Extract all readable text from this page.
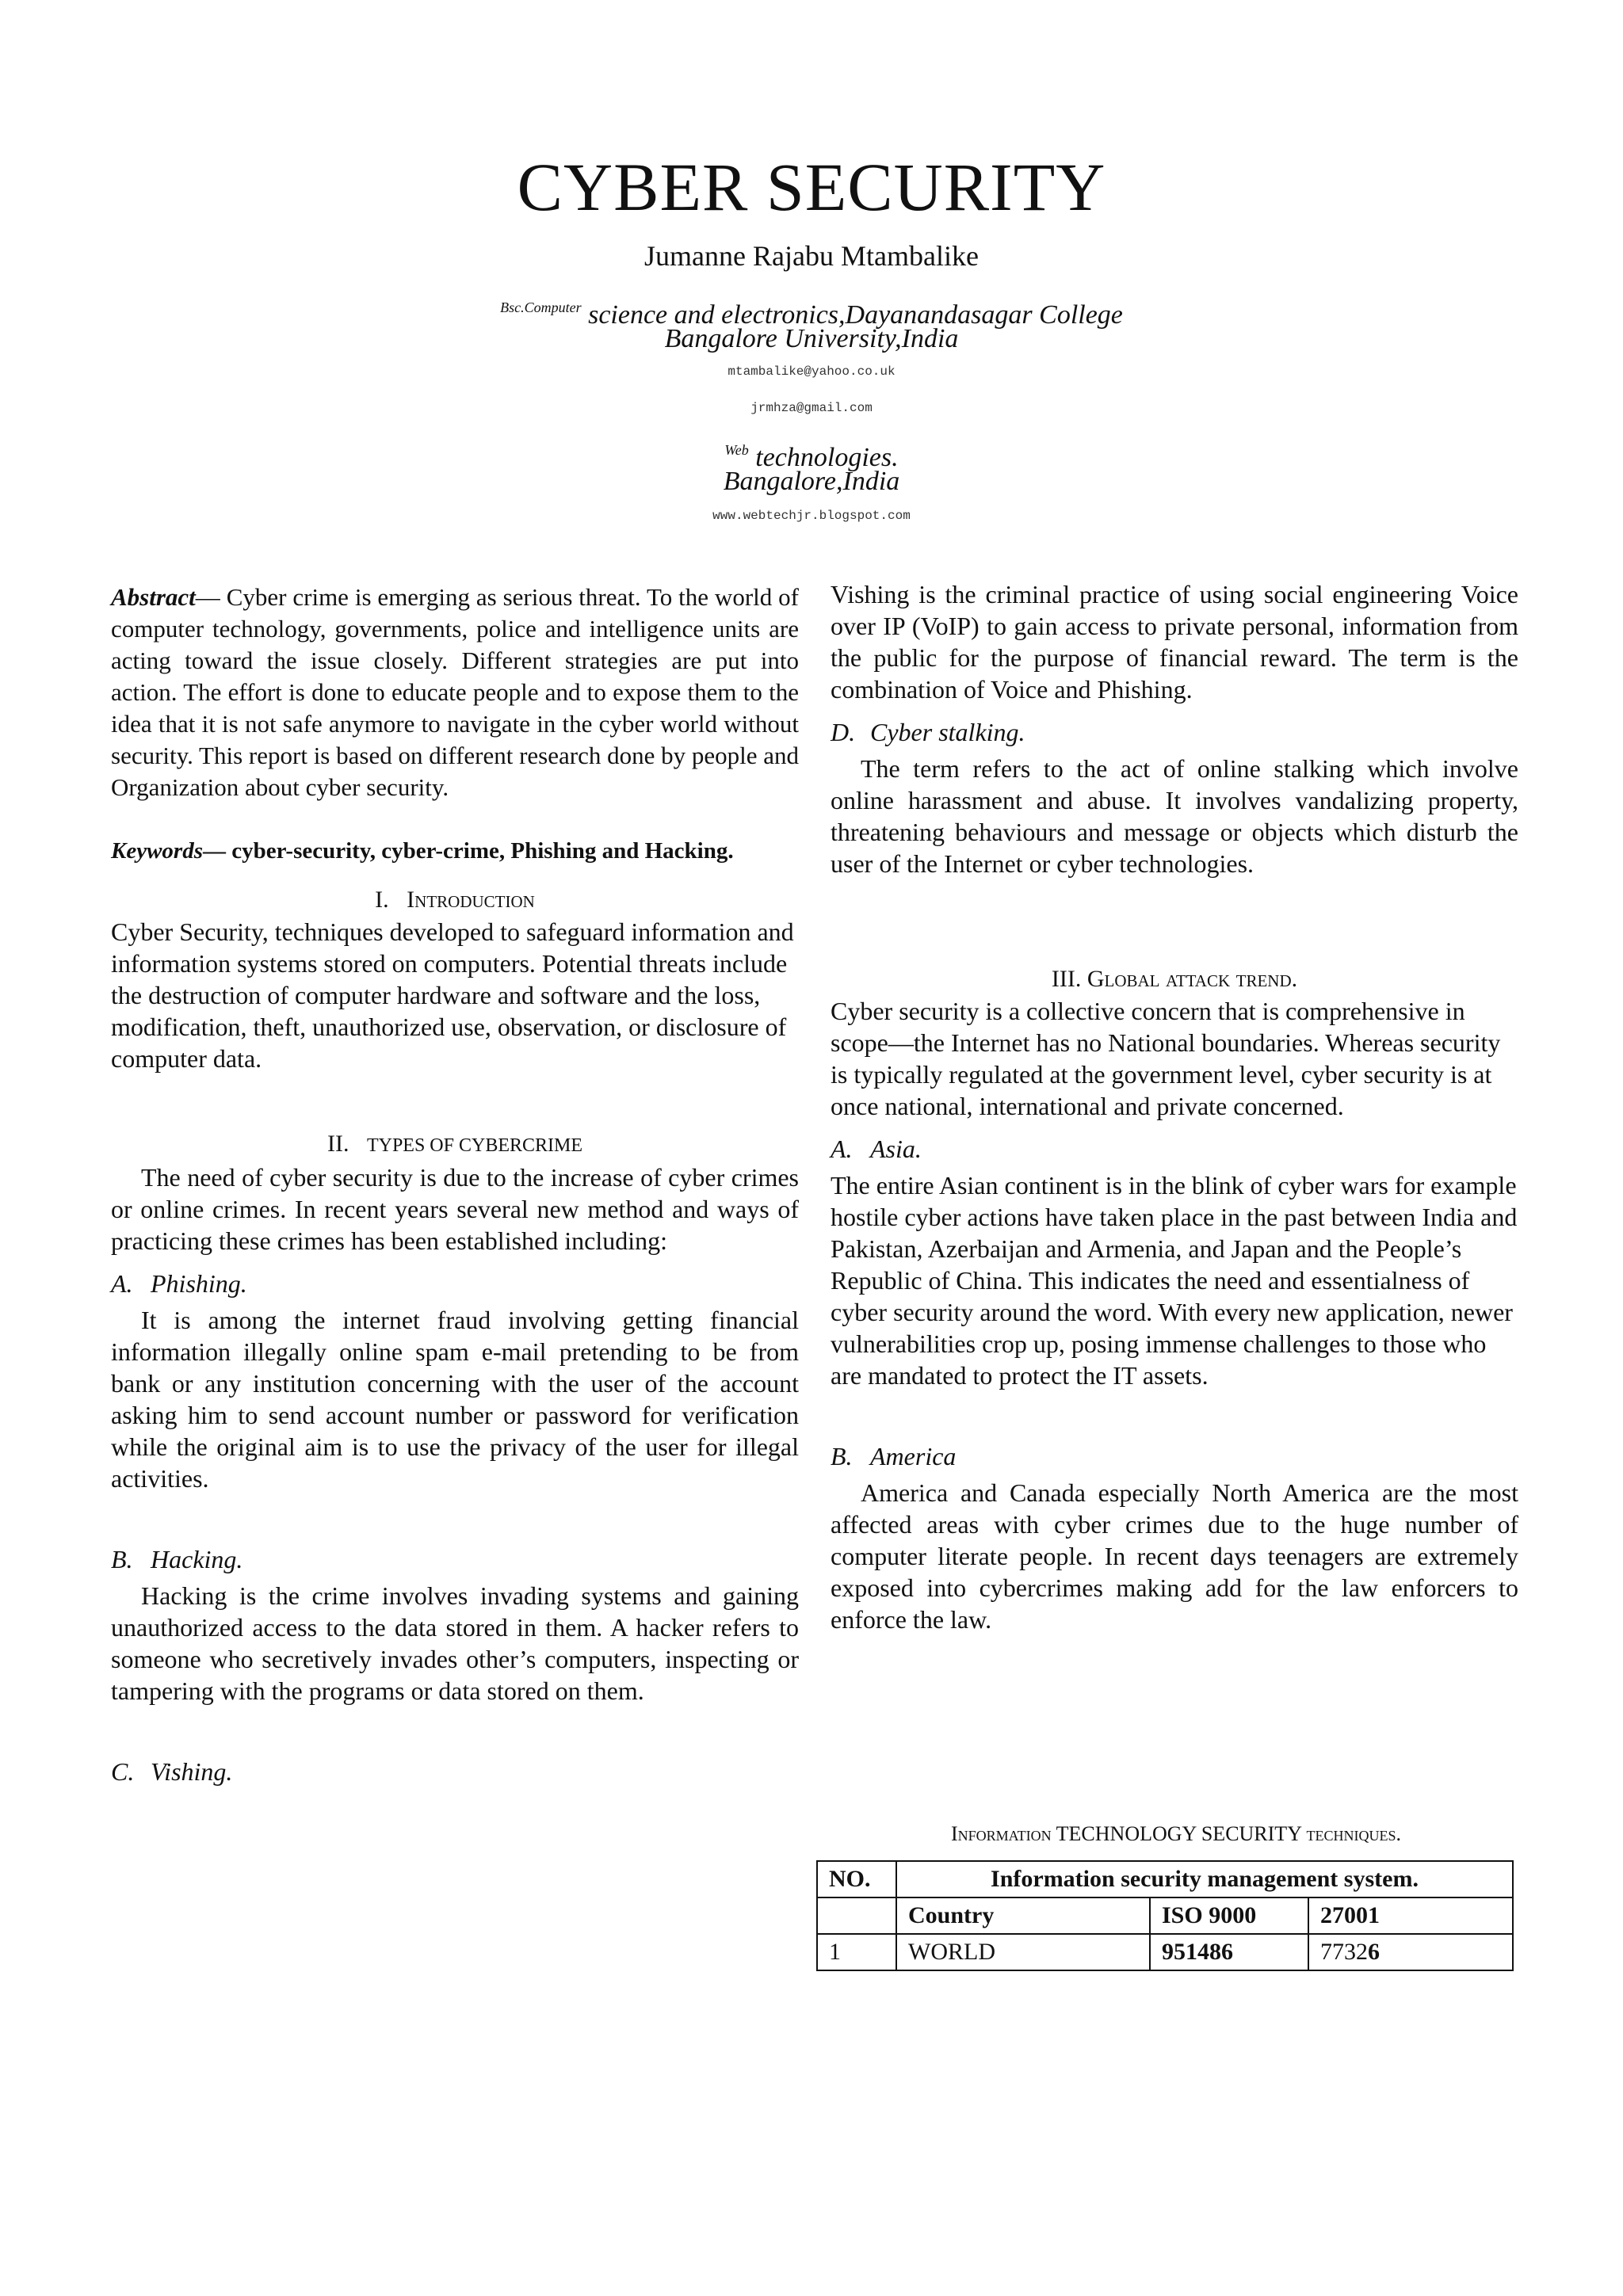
CYBER SECURITY
Jumanne Rajabu Mtambalike
$^{Bsc.Computer}$ science and electronics,Dayanandasagar College
Bangalore University,India
mtambalike@yahoo.co.uk
jrmhza@gmail.com
$^{Web}$ technologies.
Bangalore,India
www.webtechjr.blogspot.com

Abstract— Cyber crime is emerging as serious threat. To the world of computer technology, governments, police and intelligence units are acting toward the issue closely. Different strategies are put into action. The effort is done to educate people and to expose them to the idea that it is not safe anymore to navigate in the cyber world without security. This report is based on different research done by people and Organization about cyber security.

Keywords— cyber-security, cyber-crime, Phishing and Hacking.

I. Introduction

Cyber Security, techniques developed to safeguard information and information systems stored on computers. Potential threats include the destruction of computer hardware and software and the loss, modification, theft, unauthorized use, observation, or disclosure of computer data.

II. TYPES OF CYBERCRIME

The need of cyber security is due to the increase of cyber crimes or online crimes. In recent years several new method and ways of practicing these crimes has been established including:

A. Phishing.

It is among the internet fraud involving getting financial information illegally online spam e-mail pretending to be from bank or any institution concerning with the user of the account asking him to send account number or password for verification while the original aim is to use the privacy of the user for illegal activities.

B. Hacking.

Hacking is the crime involves invading systems and gaining unauthorized access to the data stored in them. A hacker refers to someone who secretively invades other’s computers, inspecting or tampering with the programs or data stored on them.

C. Vishing.

Vishing is the criminal practice of using social engineering Voice over IP (VoIP) to gain access to private personal, information from the public for the purpose of financial reward. The term is the combination of Voice and Phishing.

D. Cyber stalking.

The term refers to the act of online stalking which involve online harassment and abuse. It involves vandalizing property, threatening behaviours and message or objects which disturb the user of the Internet or cyber technologies.

III. Global attack trend.

Cyber security is a collective concern that is comprehensive in scope—the Internet has no National boundaries. Whereas security is typically regulated at the government level, cyber security is at once national, international and private concerned.

A. Asia.

The entire Asian continent is in the blink of cyber wars for example hostile cyber actions have taken place in the past between India and Pakistan, Azerbaijan and Armenia, and Japan and the People’s Republic of China. This indicates the need and essentialness of cyber security around the word. With every new application, newer vulnerabilities crop up, posing immense challenges to those who are mandated to protect the IT assets.

B. America

America and Canada especially North America are the most affected areas with cyber crimes due to the huge number of computer literate people. In recent days teenagers are extremely exposed into cybercrimes making add for the law enforcers to enforce the law.

Information TECHNOLOGY SECURITY techniques.
NO.	Information security management system.		
	Country	ISO 9000	27001
1	WORLD	951486	77326
